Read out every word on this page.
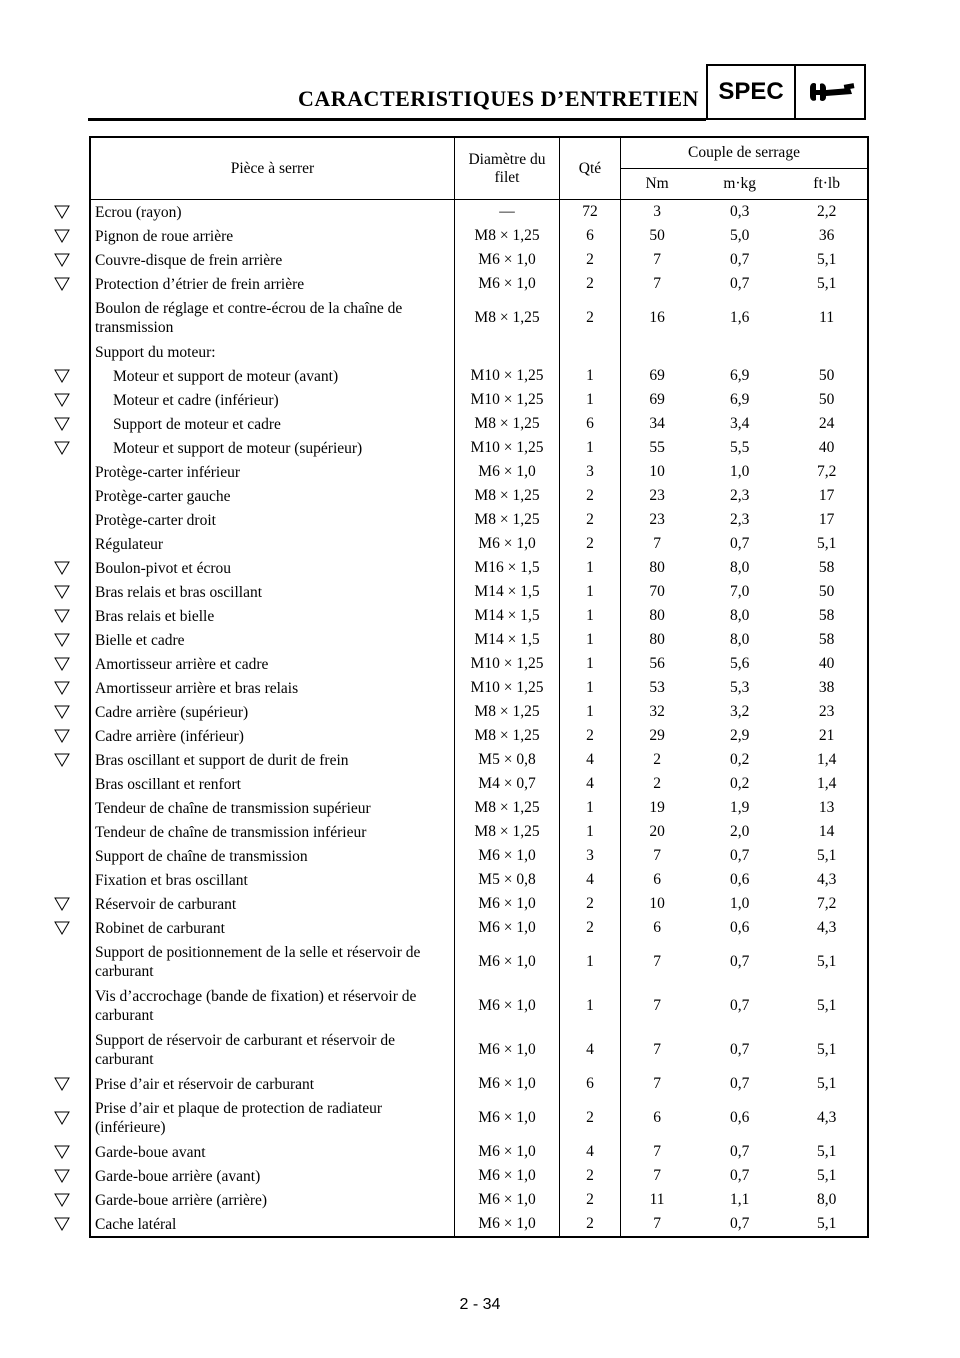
CARACTERISTIQUES D’ENTRETIEN SPEC
Pièce à serrer	Diamètre du filet	Qté	Couple de serrage		
			Nm	m·kg	ft·lb

Ecrou (rayon)	—	72	3	0,3	2,2

Pignon de roue arrière	M8 × 1,25	6	50	5,0	36

Couvre-disque de frein arrière	M6 × 1,0	2	7	0,7	5,1

Protection d’étrier de frein arrière	M6 × 1,0	2	7	0,7	5,1
Boulon de réglage et contre-écrou de la chaîne de transmission	M8 × 1,25	2	16	1,6	11
Support du moteur:					

Moteur et support de moteur (avant)	M10 × 1,25	1	69	6,9	50

Moteur et cadre (inférieur)	M10 × 1,25	1	69	6,9	50

Support de moteur et cadre	M8 × 1,25	6	34	3,4	24

Moteur et support de moteur (supérieur)	M10 × 1,25	1	55	5,5	40
Protège-carter inférieur	M6 × 1,0	3	10	1,0	7,2
Protège-carter gauche	M8 × 1,25	2	23	2,3	17
Protège-carter droit	M8 × 1,25	2	23	2,3	17
Régulateur	M6 × 1,0	2	7	0,7	5,1

Boulon-pivot et écrou	M16 × 1,5	1	80	8,0	58

Bras relais et bras oscillant	M14 × 1,5	1	70	7,0	50

Bras relais et bielle	M14 × 1,5	1	80	8,0	58

Bielle et cadre	M14 × 1,5	1	80	8,0	58

Amortisseur arrière et cadre	M10 × 1,25	1	56	5,6	40

Amortisseur arrière et bras relais	M10 × 1,25	1	53	5,3	38

Cadre arrière (supérieur)	M8 × 1,25	1	32	3,2	23

Cadre arrière (inférieur)	M8 × 1,25	2	29	2,9	21

Bras oscillant et support de durit de frein	M5 × 0,8	4	2	0,2	1,4
Bras oscillant et renfort	M4 × 0,7	4	2	0,2	1,4
Tendeur de chaîne de transmission supérieur	M8 × 1,25	1	19	1,9	13
Tendeur de chaîne de transmission inférieur	M8 × 1,25	1	20	2,0	14
Support de chaîne de transmission	M6 × 1,0	3	7	0,7	5,1
Fixation et bras oscillant	M5 × 0,8	4	6	0,6	4,3

Réservoir de carburant	M6 × 1,0	2	10	1,0	7,2

Robinet de carburant	M6 × 1,0	2	6	0,6	4,3
Support de positionnement de la selle et réservoir de carburant	M6 × 1,0	1	7	0,7	5,1
Vis d’accrochage (bande de fixation) et réservoir de carburant	M6 × 1,0	1	7	0,7	5,1
Support de réservoir de carburant et réservoir de carburant	M6 × 1,0	4	7	0,7	5,1

Prise d’air et réservoir de carburant	M6 × 1,0	6	7	0,7	5,1

Prise d’air et plaque de protection de radiateur (inférieure)	M6 × 1,0	2	6	0,6	4,3

Garde-boue avant	M6 × 1,0	4	7	0,7	5,1

Garde-boue arrière (avant)	M6 × 1,0	2	7	0,7	5,1

Garde-boue arrière (arrière)	M6 × 1,0	2	11	1,1	8,0

Cache latéral	M6 × 1,0	2	7	0,7	5,1
2 - 34
